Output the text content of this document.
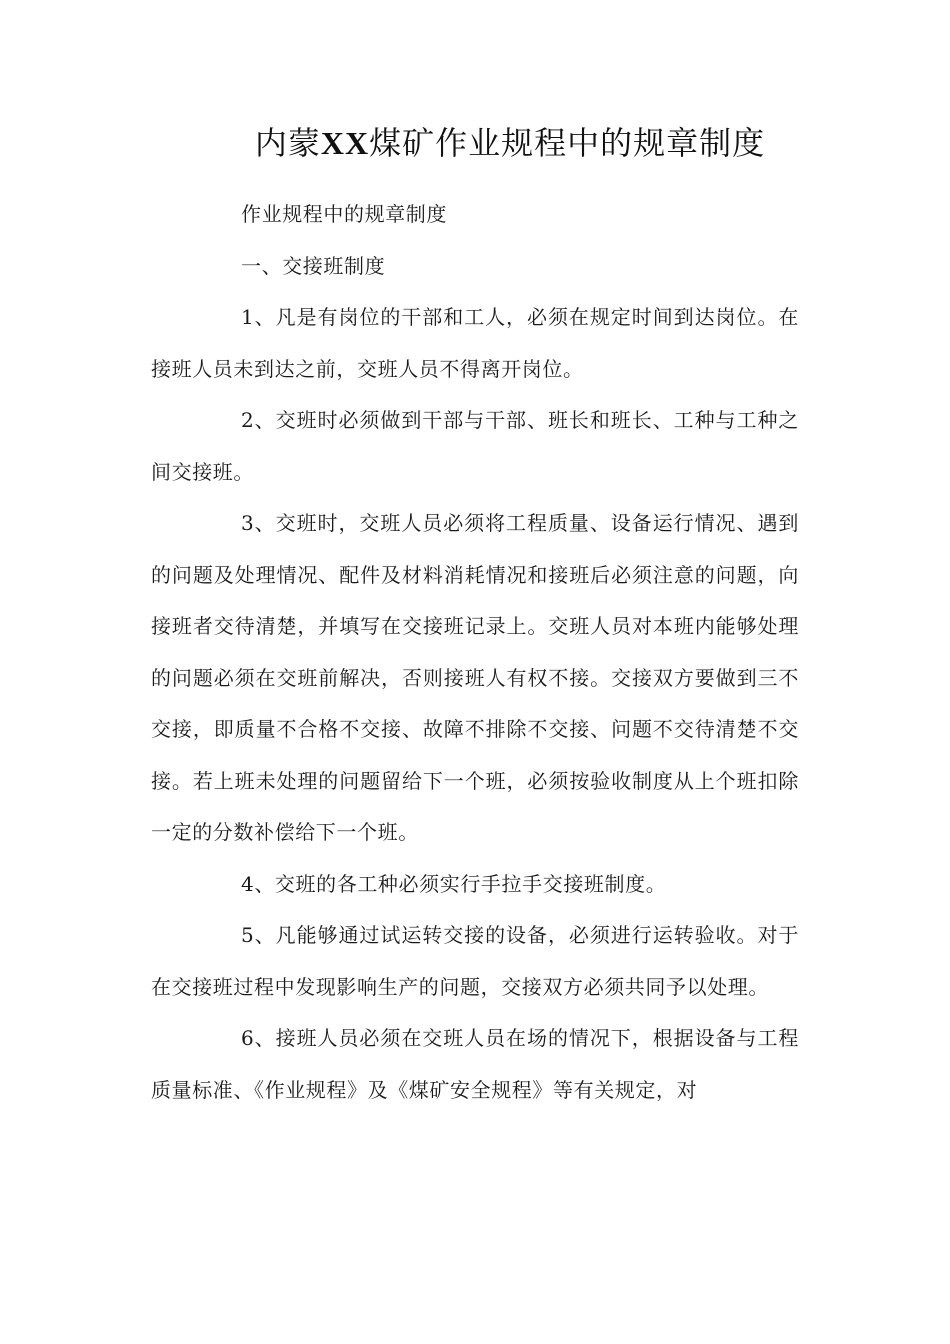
内蒙XX煤矿作业规程中的规章制度

作业规程中的规章制度

一、交接班制度

1、凡是有岗位的干部和工人，必须在规定时间到达岗位。在接班人员未到达之前，交班人员不得离开岗位。

2、交班时必须做到干部与干部、班长和班长、工种与工种之间交接班。

3、交班时，交班人员必须将工程质量、设备运行情况、遇到的问题及处理情况、配件及材料消耗情况和接班后必须注意的问题，向接班者交待清楚，并填写在交接班记录上。交班人员对本班内能够处理的问题必须在交班前解决，否则接班人有权不接。交接双方要做到三不交接，即质量不合格不交接、故障不排除不交接、问题不交待清楚不交接。若上班未处理的问题留给下一个班，必须按验收制度从上个班扣除一定的分数补偿给下一个班。

4、交班的各工种必须实行手拉手交接班制度。

5、凡能够通过试运转交接的设备，必须进行运转验收。对于在交接班过程中发现影响生产的问题，交接双方必须共同予以处理。

6、接班人员必须在交班人员在场的情况下，根据设备与工程质量标准、《作业规程》及《煤矿安全规程》等有关规定，对
